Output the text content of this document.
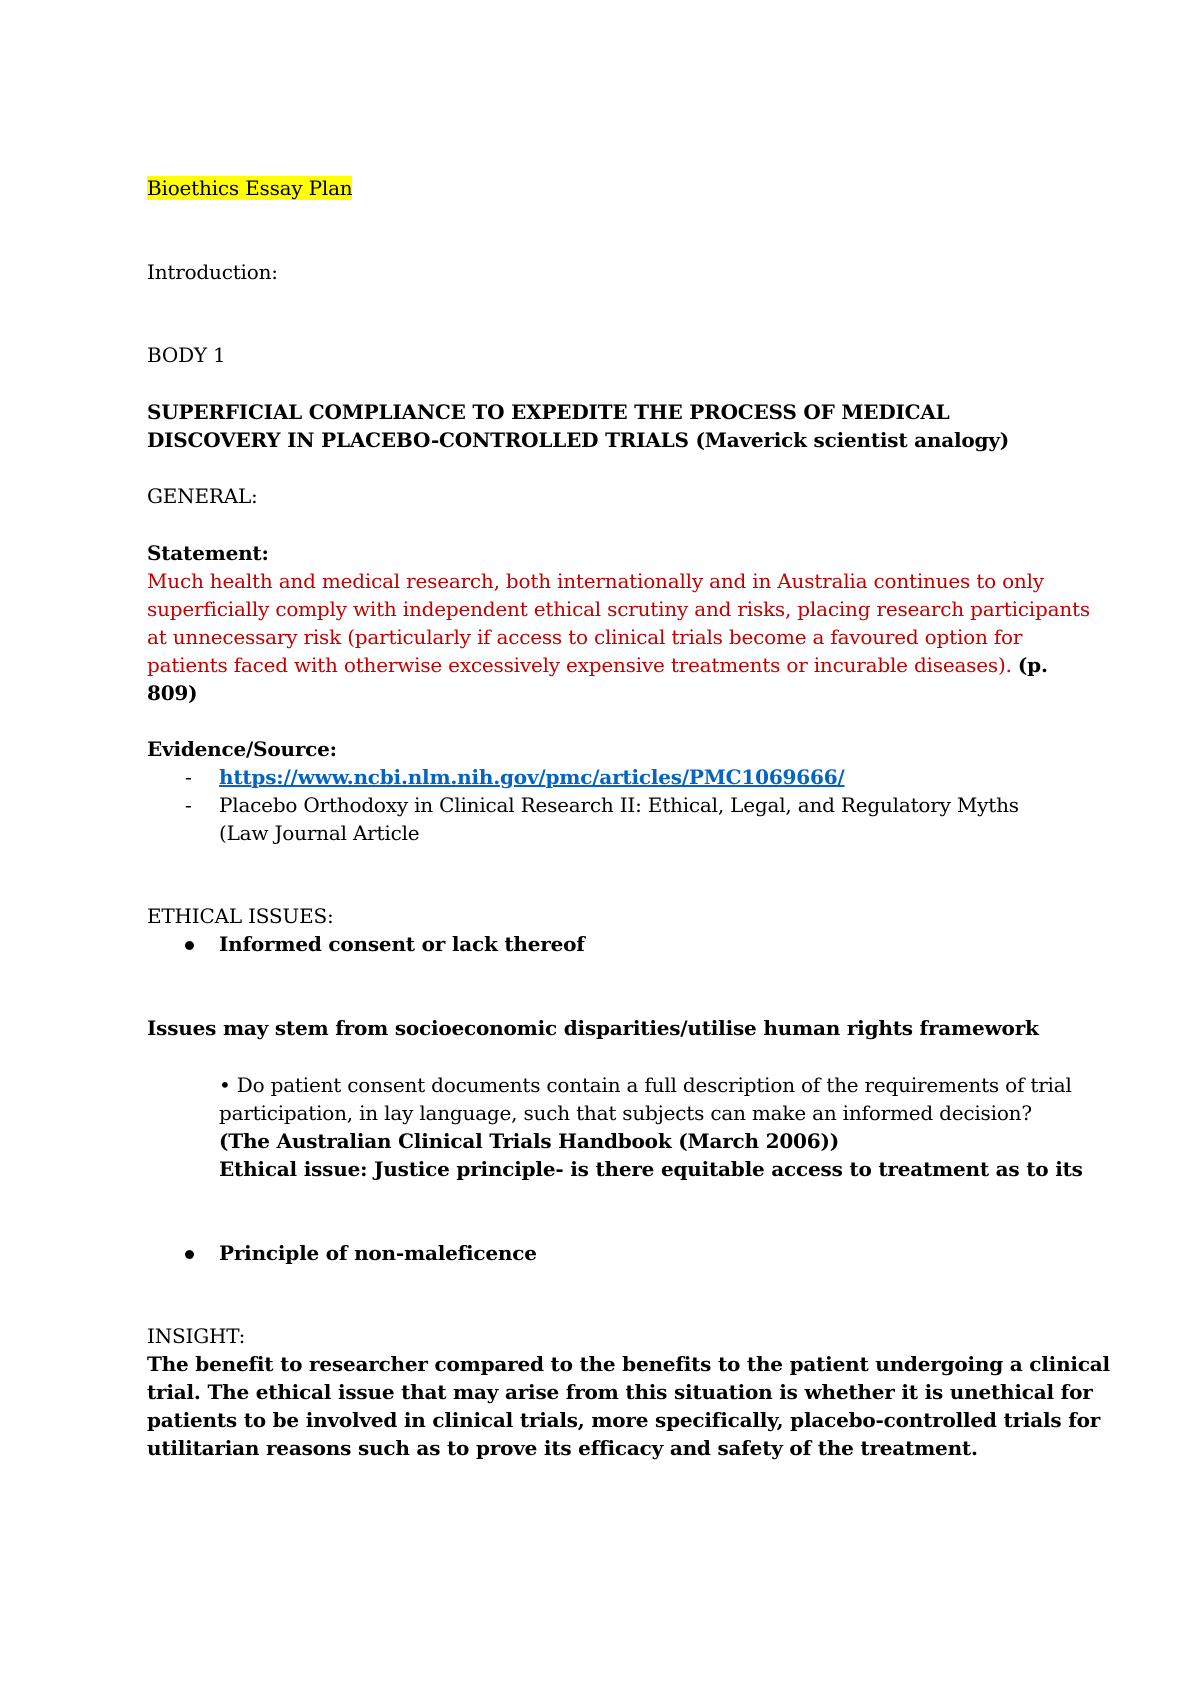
Bioethics Essay Plan
Introduction:
BODY 1
SUPERFICIAL COMPLIANCE TO EXPEDITE THE PROCESS OF MEDICAL
DISCOVERY IN PLACEBO-CONTROLLED TRIALS (Maverick scientist analogy)
GENERAL:
Statement:
Much health and medical research, both internationally and in Australia continues to only
superficially comply with independent ethical scrutiny and risks, placing research participants
at unnecessary risk (particularly if access to clinical trials become a favoured option for
patients faced with otherwise excessively expensive treatments or incurable diseases). (p.
809)
Evidence/Source:
- https://www.ncbi.nlm.nih.gov/pmc/articles/PMC1069666/
- Placebo Orthodoxy in Clinical Research II: Ethical, Legal, and Regulatory Myths
(Law Journal Article
ETHICAL ISSUES:
Informed consent or lack thereof
Issues may stem from socioeconomic disparities/utilise human rights framework
• Do patient consent documents contain a full description of the requirements of trial
participation, in lay language, such that subjects can make an informed decision?
(The Australian Clinical Trials Handbook (March 2006))
Ethical issue: Justice principle- is there equitable access to treatment as to its
Principle of non-maleficence
INSIGHT:
The benefit to researcher compared to the benefits to the patient undergoing a clinical
trial. The ethical issue that may arise from this situation is whether it is unethical for
patients to be involved in clinical trials, more specifically, placebo-controlled trials for
utilitarian reasons such as to prove its efficacy and safety of the treatment.
